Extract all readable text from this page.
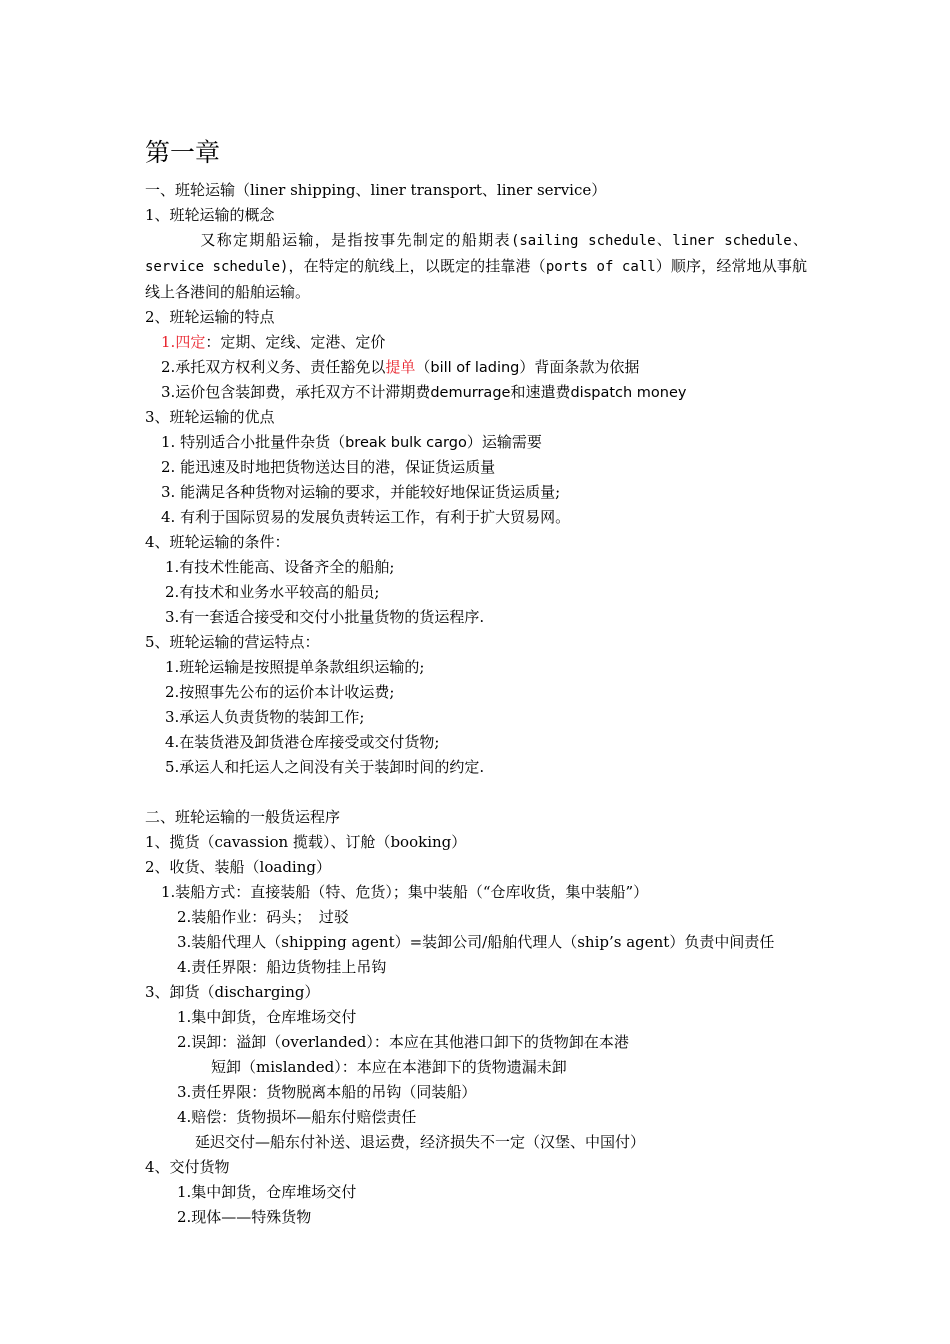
第一章
一、班轮运输（liner shipping、liner transport、liner service）
1、班轮运输的概念
又称定期船运输，是指按事先制定的船期表(sailing schedule、liner schedule、service schedule)，在特定的航线上，以既定的挂靠港（ports of call）顺序，经常地从事航线上各港间的船舶运输。
2、班轮运输的特点
1.四定：定期、定线、定港、定价
2.承托双方权利义务、责任豁免以提单（bill of lading）背面条款为依据
3.运价包含装卸费，承托双方不计滞期费demurrage和速遣费dispatch money
3、班轮运输的优点
1. 特别适合小批量件杂货（break bulk cargo）运输需要
2. 能迅速及时地把货物送达目的港，保证货运质量
3. 能满足各种货物对运输的要求，并能较好地保证货运质量;
4. 有利于国际贸易的发展负责转运工作，有利于扩大贸易网。
4、班轮运输的条件：
1.有技术性能高、设备齐全的船舶;
2.有技术和业务水平较高的船员;
3.有一套适合接受和交付小批量货物的货运程序.
5、班轮运输的营运特点：
1.班轮运输是按照提单条款组织运输的;
2.按照事先公布的运价本计收运费;
3.承运人负责货物的装卸工作;
4.在装货港及卸货港仓库接受或交付货物;
5.承运人和托运人之间没有关于装卸时间的约定.
二、班轮运输的一般货运程序
1、揽货（cavassion 揽载）、订舱（booking）
2、收货、装船（loading）
1.装船方式：直接装船（特、危货）；集中装船（“仓库收货，集中装船”）
2.装船作业：码头；　过驳
3.装船代理人（shipping agent）=装卸公司/船舶代理人（ship’s agent）负责中间责任
4.责任界限：船边货物挂上吊钩
3、卸货（discharging）
1.集中卸货，仓库堆场交付
2.误卸：溢卸（overlanded）：本应在其他港口卸下的货物卸在本港
短卸（mislanded）：本应在本港卸下的货物遗漏未卸
3.责任界限：货物脱离本船的吊钩（同装船）
4.赔偿：货物损坏—船东付赔偿责任
延迟交付—船东付补送、退运费，经济损失不一定（汉堡、中国付）
4、交付货物
1.集中卸货，仓库堆场交付
2.现体——特殊货物
